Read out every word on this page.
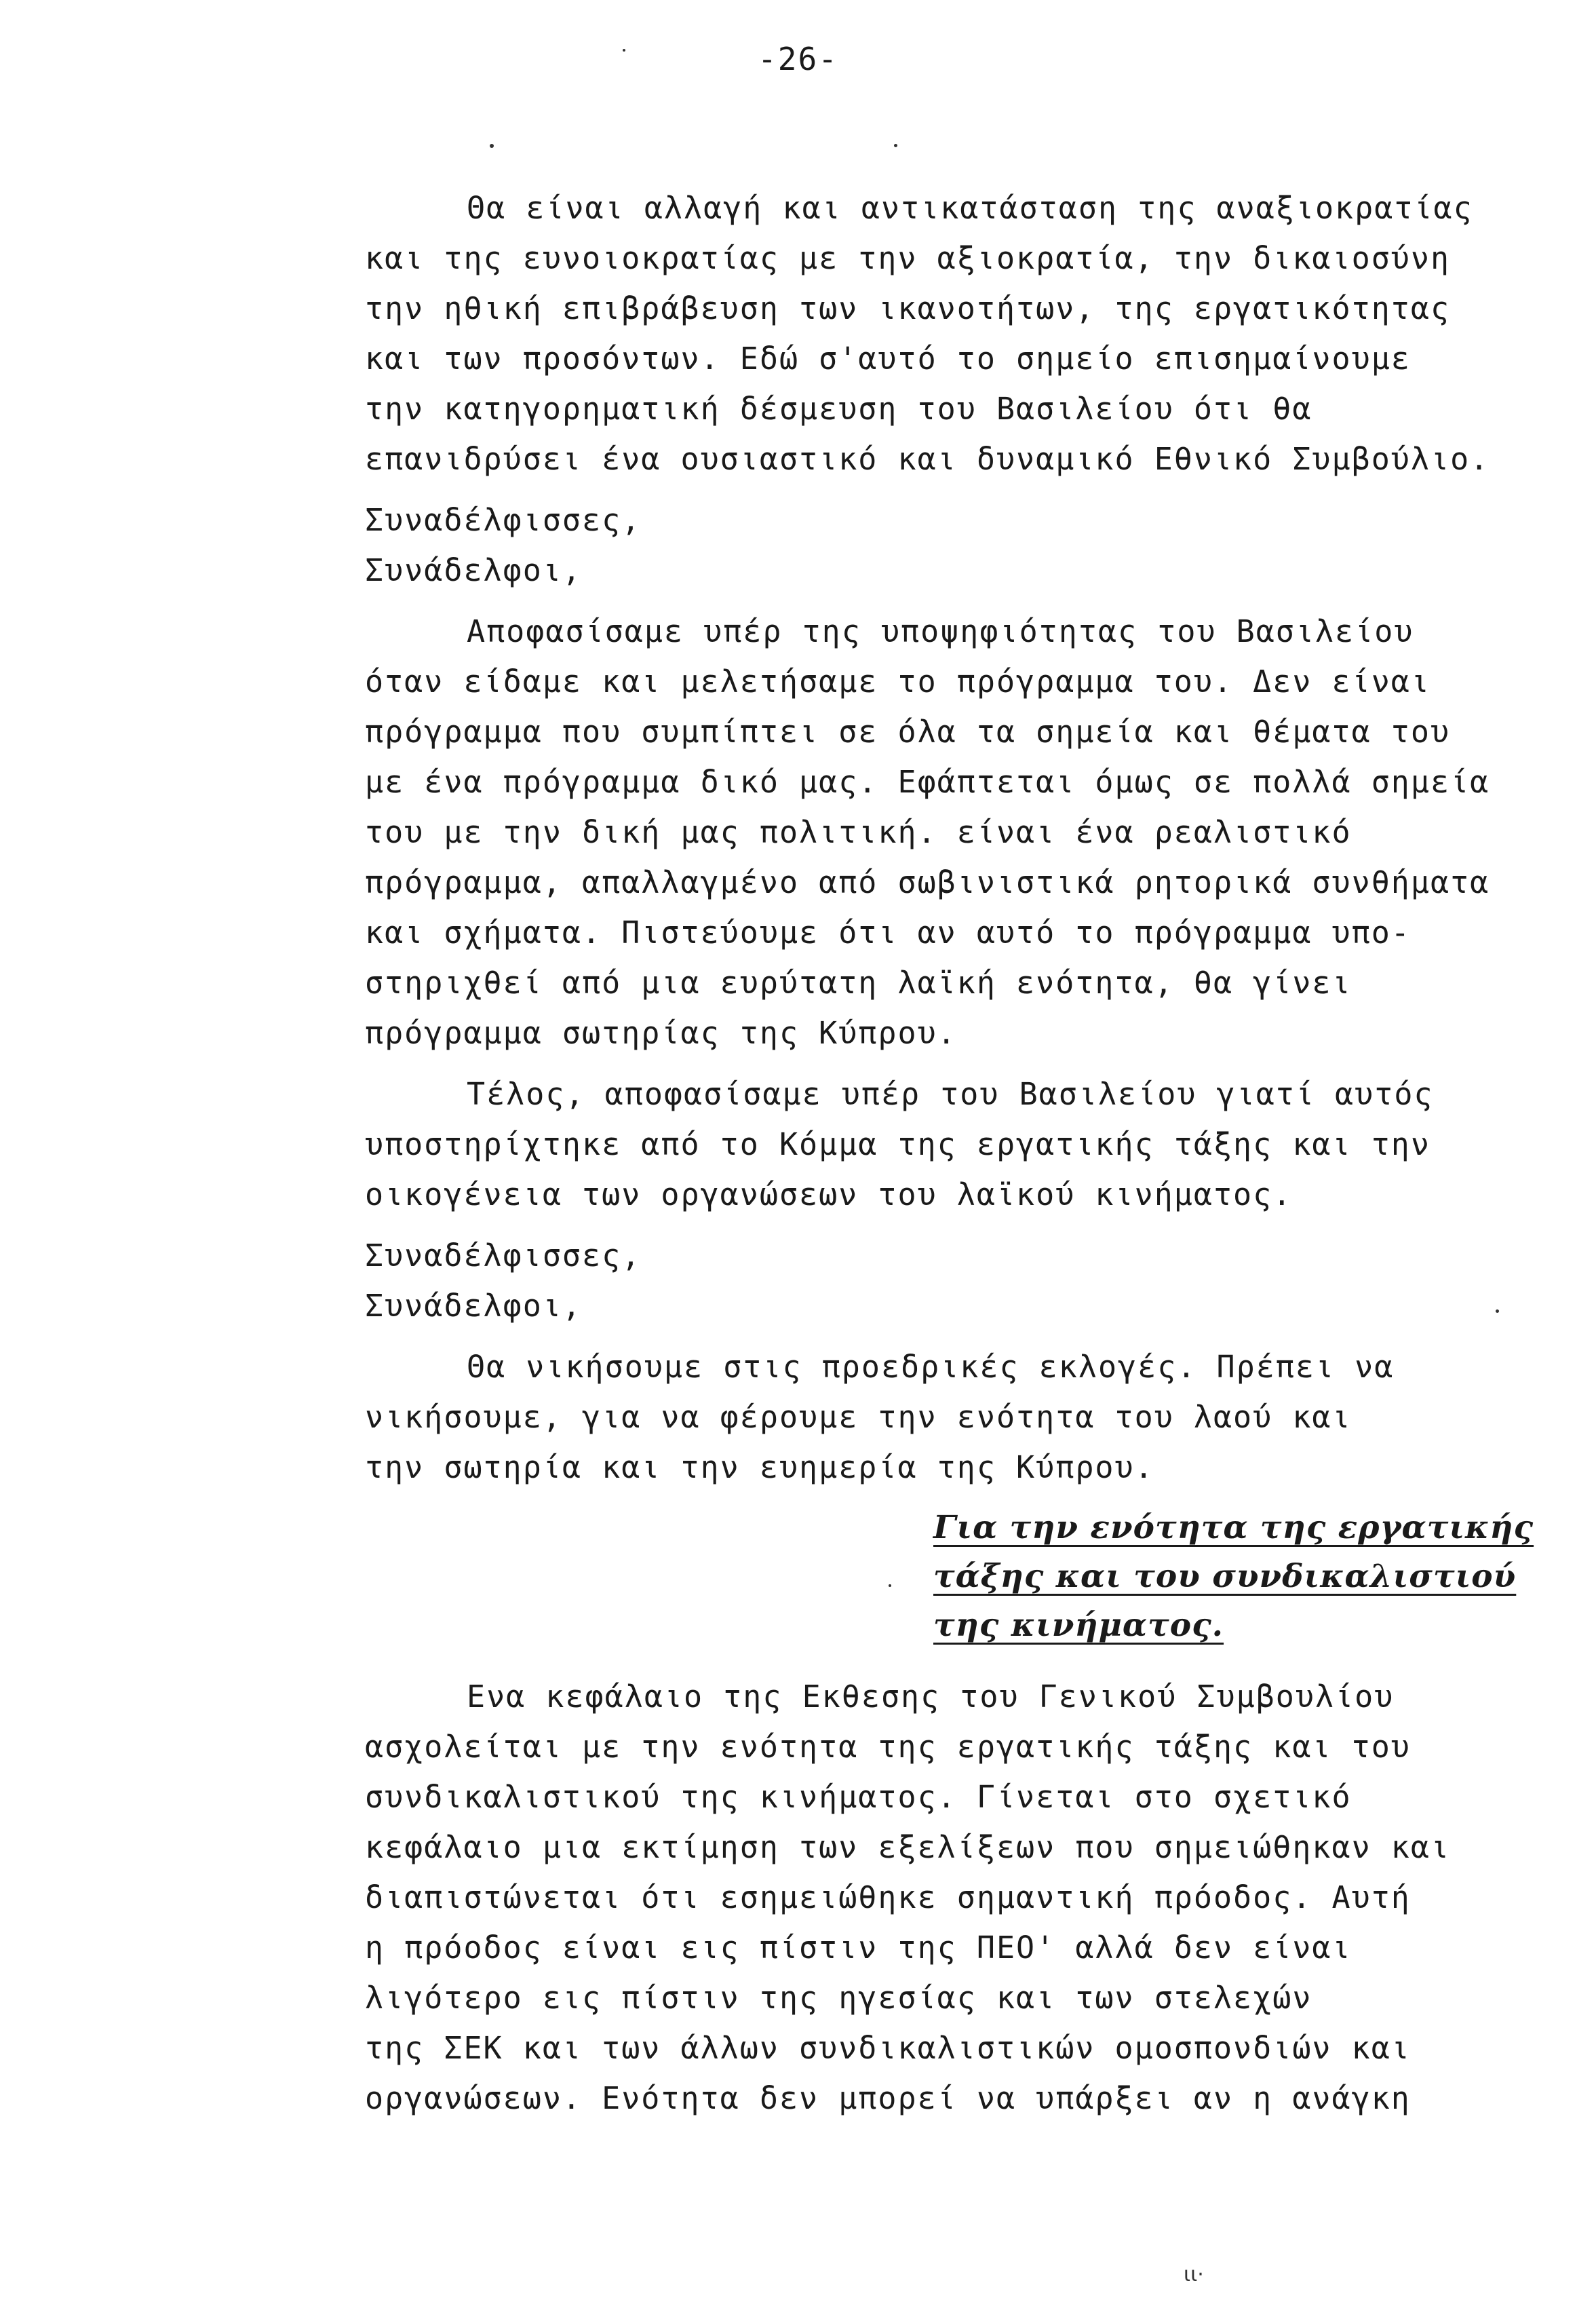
-26-
Θα είναι αλλαγή και αντικατάσταση της αναξιοκρατίας
και της ευνοιοκρατίας με την αξιοκρατία, την δικαιοσύνη
την ηθική επιβράβευση των ικανοτήτων, της εργατικότητας
και των προσόντων. Εδώ σ'αυτό το σημείο επισημαίνουμε
την κατηγορηματική δέσμευση του Βασιλείου ότι θα
επανιδρύσει ένα ουσιαστικό και δυναμικό Εθνικό Συμβούλιο.
Συναδέλφισσες,
Συνάδελφοι,
Αποφασίσαμε υπέρ της υποψηφιότητας του Βασιλείου
όταν είδαμε και μελετήσαμε το πρόγραμμα του. Δεν είναι
πρόγραμμα που συμπίπτει σε όλα τα σημεία και θέματα του
με ένα πρόγραμμα δικό μας. Εφάπτεται όμως σε πολλά σημεία
του με την δική μας πολιτική. είναι ένα ρεαλιστικό
πρόγραμμα, απαλλαγμένο από σωβινιστικά ρητορικά συνθήματα
και σχήματα. Πιστεύουμε ότι αν αυτό το πρόγραμμα υπο-
στηριχθεί από μια ευρύτατη λαϊκή ενότητα, θα γίνει
πρόγραμμα σωτηρίας της Κύπρου.
Τέλος, αποφασίσαμε υπέρ του Βασιλείου γιατί αυτός
υποστηρίχτηκε από το Κόμμα της εργατικής τάξης και την
οικογένεια των οργανώσεων του λαϊκού κινήματος.
Συναδέλφισσες,
Συνάδελφοι,
Θα νικήσουμε στις προεδρικές εκλογές. Πρέπει να
νικήσουμε, για να φέρουμε την ενότητα του λαού και
την σωτηρία και την ευημερία της Κύπρου.
Για την ενότητα της εργατικής
τάξης και του συνδικαλιστιού
της κινήματος.
Ενα κεφάλαιο της Εκθεσης του Γενικού Συμβουλίου
ασχολείται με την ενότητα της εργατικής τάξης και του
συνδικαλιστικού της κινήματος. Γίνεται στο σχετικό
κεφάλαιο μια εκτίμηση των εξελίξεων που σημειώθηκαν και
διαπιστώνεται ότι εσημειώθηκε σημαντική πρόοδος. Αυτή
η πρόοδος είναι εις πίστιν της ΠΕΟ' αλλά δεν είναι
λιγότερο εις πίστιν της ηγεσίας και των στελεχών
της ΣΕΚ και των άλλων συνδικαλιστικών ομοσπονδιών και
οργανώσεων. Ενότητα δεν μπορεί να υπάρξει αν η ανάγκη
ιι·
